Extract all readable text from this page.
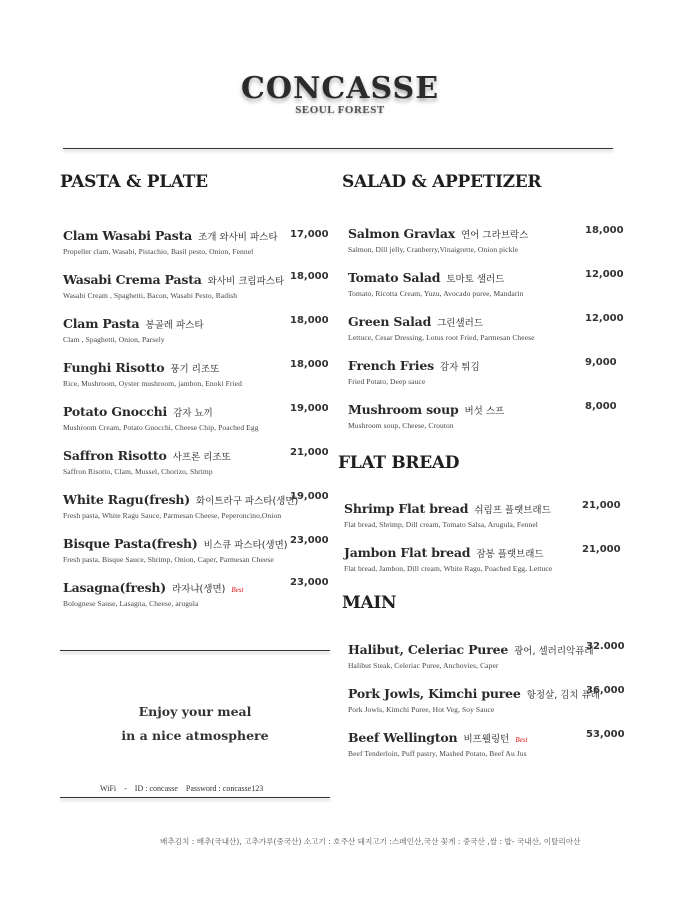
CONCASSE
SEOUL FOREST
PASTA & PLATE	SALAD & APPETIZER
FLAT BREAD
MAIN
Clam Wasabi Pasta 조개 와사비 파스타
Propeller clam, Wasabi, Pistachio, Basil pesto, Onion, Fennel
17,000
Wasabi Crema Pasta 와사비 크림파스타
Wasabi Cream , Spaghetti, Bacon, Wasabi Pesto, Radish
18,000
Clam Pasta 봉골레 파스타
Clam , Spaghetti, Onion, Parsely
18,000
Funghi Risotto 풍기 리조또
Rice, Mushroom, Oyster mushroom, jambon, Enoki Fried
18,000
Potato Gnocchi 감자 뇨끼
Mushroom Cream, Potato Gnocchi, Cheese Chip, Poached Egg
19,000
Saffron Risotto 사프론 리조또
Saffron Risotto, Clam, Mussel, Chorizo, Shrimp
21,000
White Ragu(fresh) 화이트라구 파스타(생면)
Fresh pasta, White Ragu Sauce, Parmesan Cheese, Peperoncino,Onion
19,000
Bisque Pasta(fresh) 비스큐 파스타(생면)
Fresh pasta, Bisque Sauce, Shrimp, Onion, Caper, Parmesan Cheese
23,000
Lasagna(fresh) 라자냐(생면) Best
Bolognese Sause, Lasagna, Cheese, arugula
23,000
Salmon Gravlax 연어 그라브락스
Salmon, Dill jelly, Cranberry,Vinaigrette, Onion pickle
18,000
Tomato Salad 토마토 샐러드
Tomato, Ricotta Cream, Yuzu, Avocado puree, Mandarin
12,000
Green Salad 그린샐러드
Lettuce, Cesar Dressing, Lotus root Fried, Parmesan Cheese
12,000
French Fries 감자 튀김
Fried Potato, Deep sauce
9,000
Mushroom soup 버섯 스프
Mushroom soup, Cheese, Crouton
8,000
Shrimp Flat bread 쉬림프 플랫브래드
Flat bread, Shrimp, Dill cream, Tomato Salsa, Arugula, Fennel
21,000
Jambon Flat bread 잠봉 플랫브래드
Flat bread, Jambon, Dill cream, White Ragu, Poached Egg, Lettuce
21,000
Halibut, Celeriac Puree 광어, 셀러리악퓨레
Halibut Steak, Celeriac Puree, Anchovies, Caper
32.000
Pork Jowls, Kimchi puree 항정살, 김치 퓨레
Pork Jowls, Kimchi Puree, Hot Veg, Soy Sauce
36,000
Beef Wellington 비프웰링턴 Best
Beef Tenderloin, Puff pastry, Mashed Potato, Beef Au Jus
53,000
Enjoy your meal
in a nice atmosphere
WiFi - ID : concasse Password : concasse123
배추김치 : 배추(국내산), 고추가루(중국산) 소고기 : 호주산 돼지고기 :스페인산,국산 꽃게 : 중국산 ,쌀 : 밥- 국내산, 이탈리아산
